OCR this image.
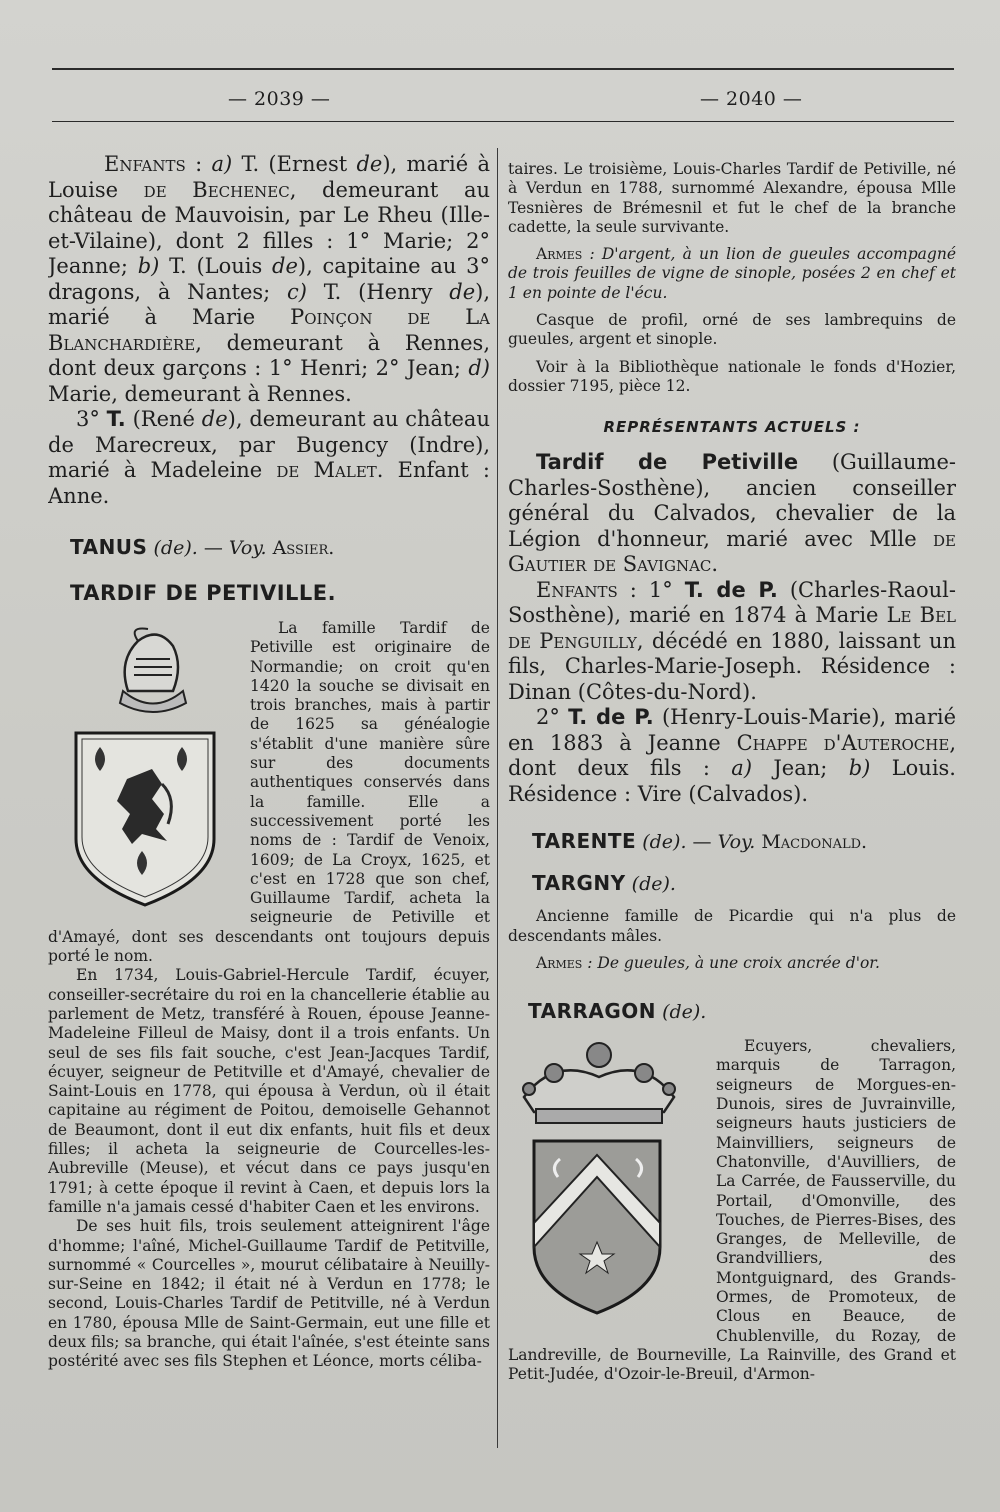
— 2039 —	— 2040 —

Enfants : a) T. (Ernest de), marié à Louise de Bechenec, demeurant au château de Mauvoisin, par Le Rheu (Ille-et-Vilaine), dont 2 filles : 1° Marie; 2° Jeanne; b) T. (Louis de), capitaine au 3° dragons, à Nantes; c) T. (Henry de), marié à Marie Poinçon de La Blanchardière, demeurant à Rennes, dont deux garçons : 1° Henri; 2° Jean; d) Marie, demeurant à Rennes.

3° T. (René de), demeurant au château de Marecreux, par Bugency (Indre), marié à Madeleine de Malet. Enfant : Anne.

TANUS (de). — Voy. Assier.

TARDIF DE PETIVILLE.

La famille Tardif de Petiville est originaire de Normandie; on croit qu'en 1420 la souche se divisait en trois branches, mais à partir de 1625 sa généalogie s'établit d'une manière sûre sur des documents authentiques conservés dans la famille. Elle a successivement porté les noms de : Tardif de Venoix, 1609; de La Croyx, 1625, et c'est en 1728 que son chef, Guillaume Tardif, acheta la seigneurie de Petiville et d'Amayé, dont ses descendants ont toujours depuis porté le nom.

En 1734, Louis-Gabriel-Hercule Tardif, écuyer, conseiller-secrétaire du roi en la chancellerie établie au parlement de Metz, transféré à Rouen, épouse Jeanne-Madeleine Filleul de Maisy, dont il a trois enfants. Un seul de ses fils fait souche, c'est Jean-Jacques Tardif, écuyer, seigneur de Petitville et d'Amayé, chevalier de Saint-Louis en 1778, qui épousa à Verdun, où il était capitaine au régiment de Poitou, demoiselle Gehannot de Beaumont, dont il eut dix enfants, huit fils et deux filles; il acheta la seigneurie de Courcelles-les-Aubreville (Meuse), et vécut dans ce pays jusqu'en 1791; à cette époque il revint à Caen, et depuis lors la famille n'a jamais cessé d'habiter Caen et les environs.

De ses huit fils, trois seulement atteignirent l'âge d'homme; l'aîné, Michel-Guillaume Tardif de Petitville, surnommé « Courcelles », mourut célibataire à Neuilly-sur-Seine en 1842; il était né à Verdun en 1778; le second, Louis-Charles Tardif de Petitville, né à Verdun en 1780, épousa Mlle de Saint-Germain, eut une fille et deux fils; sa branche, qui était l'aînée, s'est éteinte sans postérité avec ses fils Stephen et Léonce, morts céliba-

taires. Le troisième, Louis-Charles Tardif de Petiville, né à Verdun en 1788, surnommé Alexandre, épousa Mlle Tesnières de Brémesnil et fut le chef de la branche cadette, la seule survivante.

Armes : D'argent, à un lion de gueules accompagné de trois feuilles de vigne de sinople, posées 2 en chef et 1 en pointe de l'écu.

Casque de profil, orné de ses lambrequins de gueules, argent et sinople.

Voir à la Bibliothèque nationale le fonds d'Hozier, dossier 7195, pièce 12.

REPRÉSENTANTS ACTUELS :

Tardif de Petiville (Guillaume-Charles-Sosthène), ancien conseiller général du Calvados, chevalier de la Légion d'honneur, marié avec Mlle de Gautier de Savignac.

Enfants : 1° T. de P. (Charles-Raoul-Sosthène), marié en 1874 à Marie Le Bel de Penguilly, décédé en 1880, laissant un fils, Charles-Marie-Joseph. Résidence : Dinan (Côtes-du-Nord).

2° T. de P. (Henry-Louis-Marie), marié en 1883 à Jeanne Chappe d'Auteroche, dont deux fils : a) Jean; b) Louis. Résidence : Vire (Calvados).

TARENTE (de). — Voy. Macdonald.

TARGNY (de).

Ancienne famille de Picardie qui n'a plus de descendants mâles.

Armes : De gueules, à une croix ancrée d'or.

TARRAGON (de).

Ecuyers, chevaliers, marquis de Tarragon, seigneurs de Morgues-en-Dunois, sires de Juvrainville, seigneurs hauts justiciers de Mainvilliers, seigneurs de Chatonville, d'Auvilliers, de La Carrée, de Fausserville, du Portail, d'Omonville, des Touches, de Pierres-Bises, des Granges, de Melleville, de Grandvilliers, des Montguignard, des Grands-Ormes, de Promoteux, de Clous en Beauce, de Chublenville, du Rozay, de Landreville, de Bourneville, La Rainville, des Grand et Petit-Judée, d'Ozoir-le-Breuil, d'Armon-
